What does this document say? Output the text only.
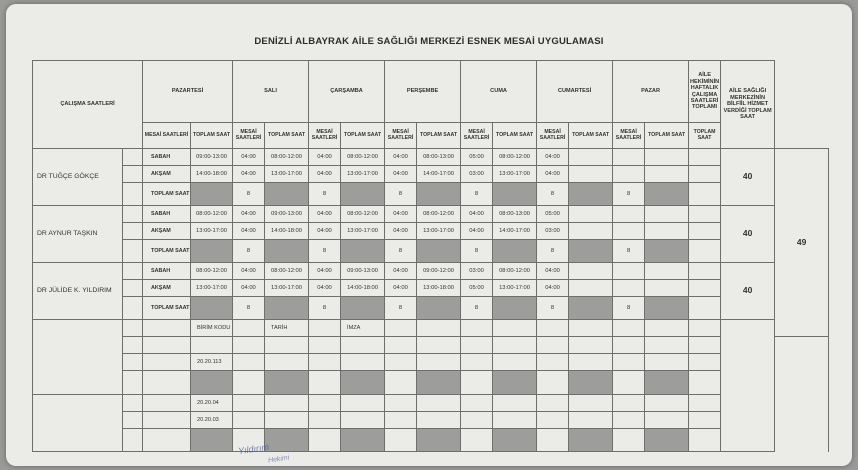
DENİZLİ ALBAYRAK AİLE SAĞLIĞI MERKEZİ ESNEK MESAİ UYGULAMASI
ÇALIŞMA SAATLERİ		PAZARTESİ		SALI		ÇARŞAMBA		PERŞEMBE		CUMA		CUMARTESİ		PAZAR		AİLE HEKİMİNİN HAFTALIK ÇALIŞMA SAATLERİ TOPLAMI	AİLE SAĞLIĞI MERKEZİNİN BİLFİİL HİZMET VERDİĞİ TOPLAM SAAT		
		MESAİ SAATLERİ	TOPLAM SAAT	MESAİ SAATLERİ	TOPLAM SAAT	MESAİ SAATLERİ	TOPLAM SAAT	MESAİ SAATLERİ	TOPLAM SAAT	MESAİ SAATLERİ	TOPLAM SAAT	MESAİ SAATLERİ	TOPLAM SAAT	MESAİ SAATLERİ	TOPLAM SAAT	TOPLAM SAAT			
DR TUĞÇE GÖKÇE		SABAH	09:00-13:00	04:00	08:00-12:00	04:00	08:00-12:00	04:00	08:00-13:00	05:00	08:00-12:00	04:00					40	49	
		AKŞAM	14:00-18:00	04:00	13:00-17:00	04:00	13:00-17:00	04:00	14:00-17:00	03:00	13:00-17:00	04:00							
		TOPLAM SAAT		8		8		8		8		8		8					
DR AYNUR TAŞKIN		SABAH	08:00-12:00	04:00	09:00-13:00	04:00	08:00-12:00	04:00	08:00-12:00	04:00	08:00-13:00	05:00					40		
		AKŞAM	13:00-17:00	04:00	14:00-18:00	04:00	13:00-17:00	04:00	13:00-17:00	04:00	14:00-17:00	03:00							
		TOPLAM SAAT		8		8		8		8		8		8					
DR JÜLİDE K. YILDIRIM		SABAH	08:00-12:00	04:00	08:00-12:00	04:00	09:00-13:00	04:00	09:00-12:00	03:00	08:00-12:00	04:00					40		
		AKŞAM	13:00-17:00	04:00	13:00-17:00	04:00	14:00-18:00	04:00	13:00-18:00	05:00	13:00-17:00	04:00							
		TOPLAM SAAT		8		8		8		8		8		8					
			BİRİM KODU		TARİH		İMZA												

			20.20.113																

			20.20.04																
			20.20.03																

Yıldırım
Hekimi
